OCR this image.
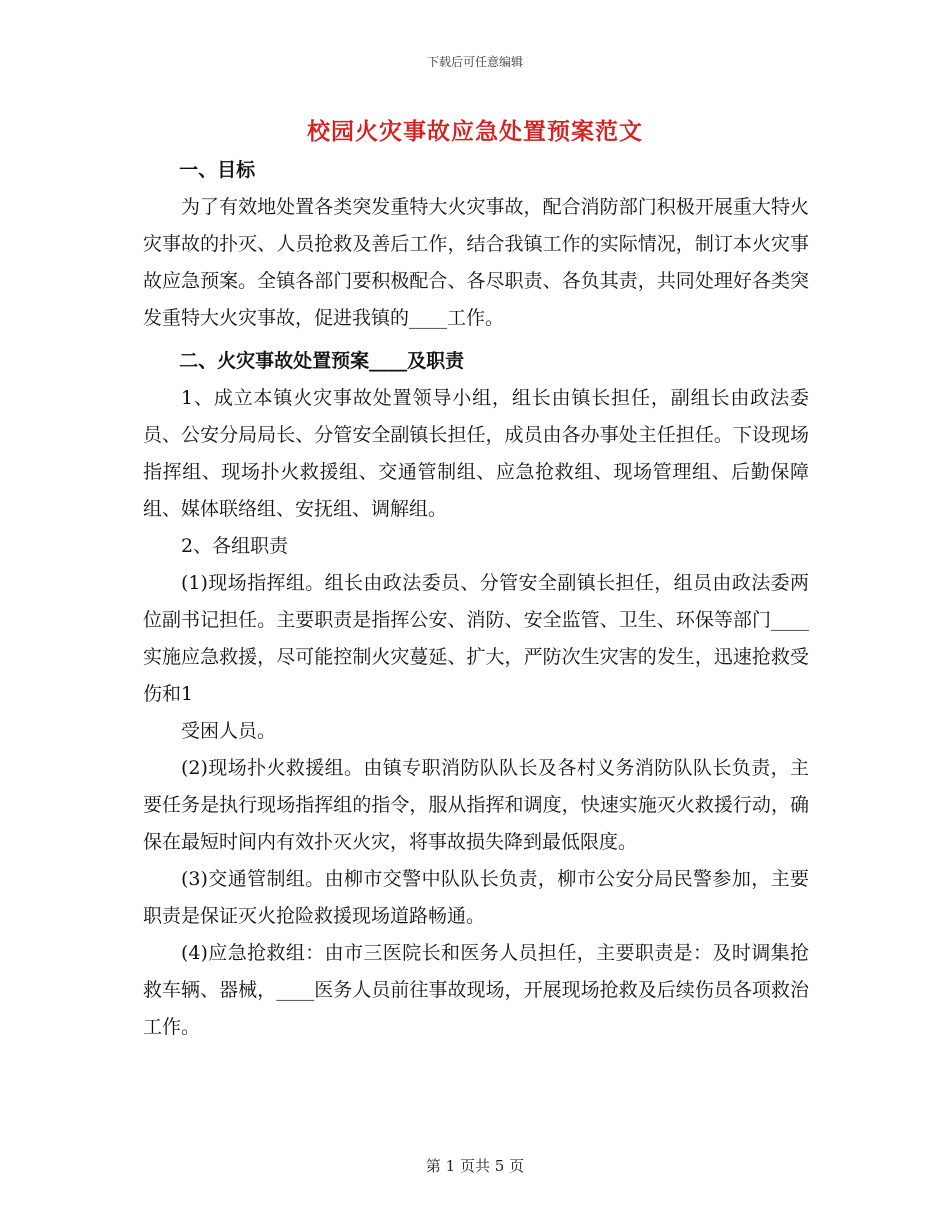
下载后可任意编辑
校园火灾事故应急处置预案范文

一、目标

为了有效地处置各类突发重特大火灾事故，配合消防部门积极开展重大特火灾事故的扑灭、人员抢救及善后工作，结合我镇工作的实际情况，制订本火灾事故应急预案。全镇各部门要积极配合、各尽职责、各负其责，共同处理好各类突发重特大火灾事故，促进我镇的____工作。

二、火灾事故处置预案____及职责

1、成立本镇火灾事故处置领导小组，组长由镇长担任，副组长由政法委员、公安分局局长、分管安全副镇长担任，成员由各办事处主任担任。下设现场指挥组、现场扑火救援组、交通管制组、应急抢救组、现场管理组、后勤保障组、媒体联络组、安抚组、调解组。

2、各组职责

(1)现场指挥组。组长由政法委员、分管安全副镇长担任，组员由政法委两位副书记担任。主要职责是指挥公安、消防、安全监管、卫生、环保等部门____实施应急救援，尽可能控制火灾蔓延、扩大，严防次生灾害的发生，迅速抢救受伤和1

受困人员。

(2)现场扑火救援组。由镇专职消防队队长及各村义务消防队队长负责，主要任务是执行现场指挥组的指令，服从指挥和调度，快速实施灭火救援行动，确保在最短时间内有效扑灭火灾，将事故损失降到最低限度。

(3)交通管制组。由柳市交警中队队长负责，柳市公安分局民警参加，主要职责是保证灭火抢险救援现场道路畅通。

(4)应急抢救组：由市三医院长和医务人员担任，主要职责是：及时调集抢救车辆、器械，____医务人员前往事故现场，开展现场抢救及后续伤员各项救治工作。

第 1 页共 5 页
